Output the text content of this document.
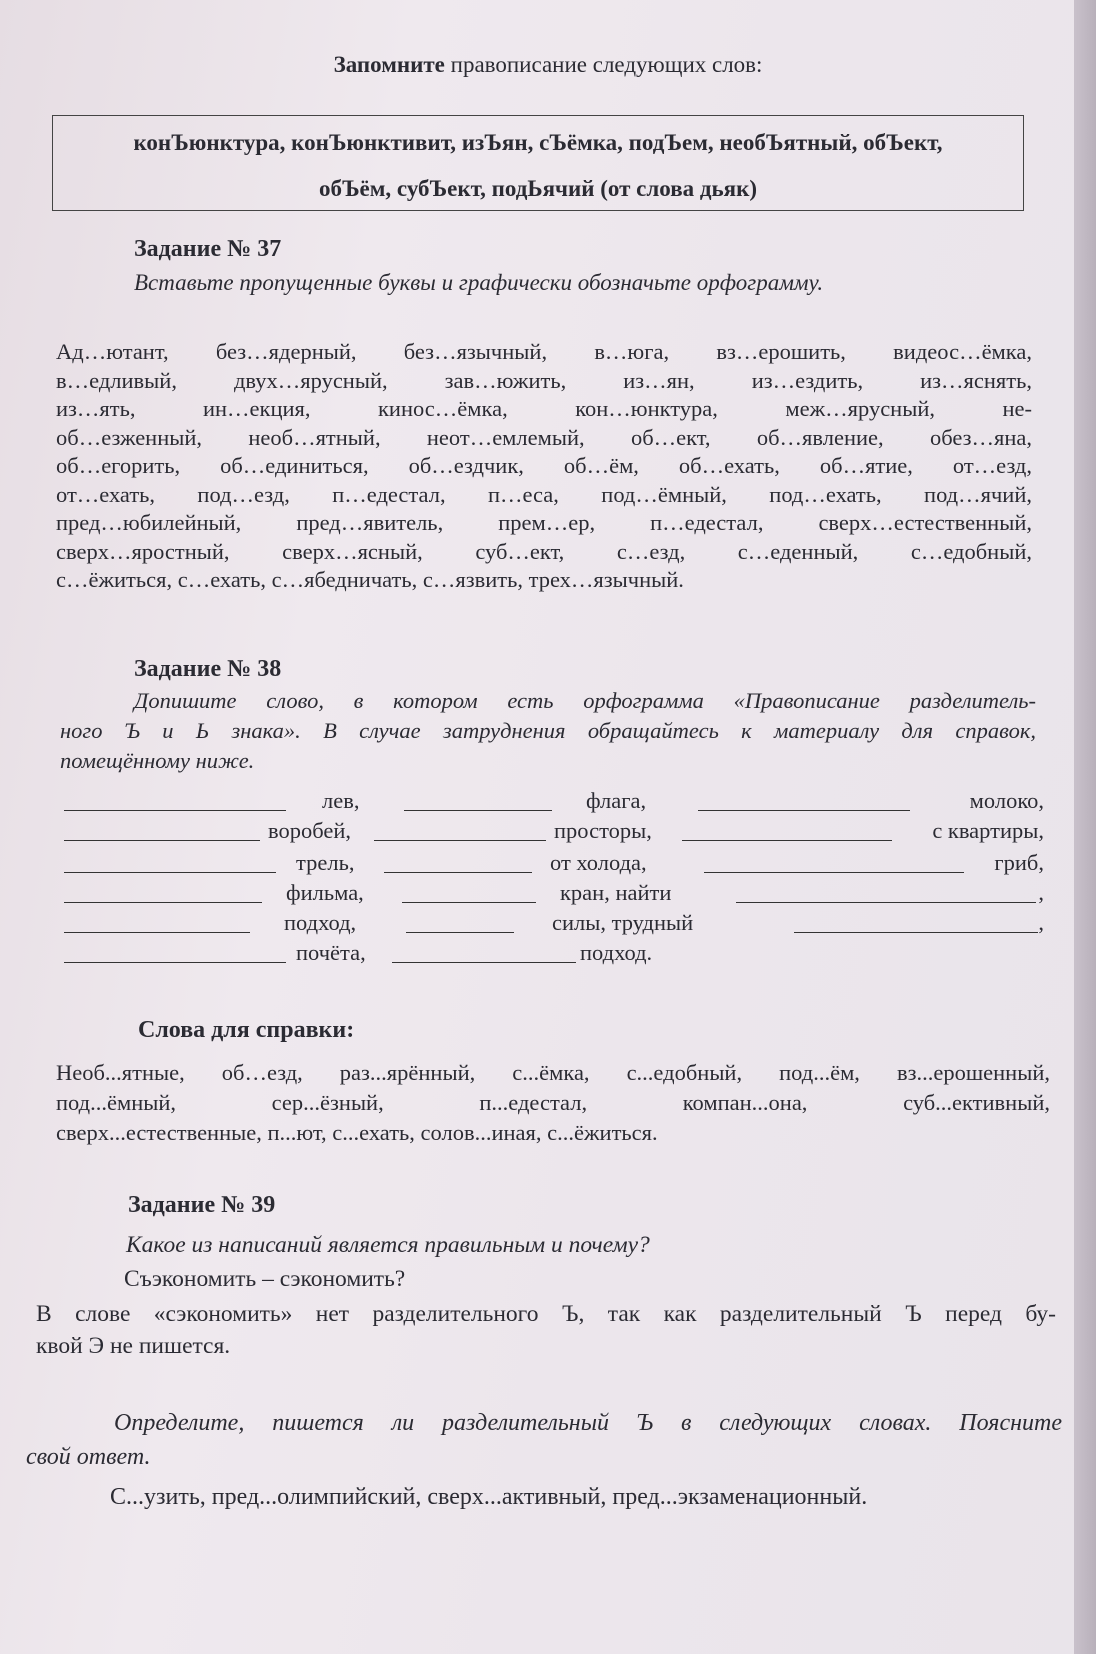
Запомните правописание следующих слов:
конЪюнктура, конЪюнктивит, изЪян, сЪёмка, подЪем, необЪятный, обЪект,
обЪём, субЪект, подЬячий (от слова дьяк)
Задание № 37
Вставьте пропущенные буквы и графически обозначьте орфограмму.
Ад…ютант, без…ядерный, без…язычный, в…юга, вз…ерошить, видеос…ёмка,
в…едливый, двух…ярусный, зав…южить, из…ян, из…ездить, из…яснять,
из…ять, ин…екция, кинос…ёмка, кон…юнктура, меж…ярусный, не-
об…езженный, необ…ятный, неот…емлемый, об…ект, об…явление, обез…яна,
об…егорить, об…единиться, об…ездчик, об…ём, об…ехать, об…ятие, от…езд,
от…ехать, под…езд, п…едестал, п…еса, под…ёмный, под…ехать, под…ячий,
пред…юбилейный, пред…явитель, прем…ер, п…едестал, сверх…естественный,
сверх…яростный, сверх…ясный, суб…ект, с…езд, с…еденный, с…едобный,
с…ёжиться, с…ехать, с…ябедничать, с…язвить, трех…язычный.
Задание № 38
Допишите слово, в котором есть орфограмма «Правописание разделитель-
ного Ъ и Ь знака». В случае затруднения обращайтесь к материалу для справок,
помещённому ниже.
лев,	флага,	молоко,
воробей,	просторы,	с квартиры,
трель,	от холода,	гриб,
фильма,	кран, найти	,
подход,	силы, трудный	,
почёта,	подход.
Слова для справки:
Необ...ятные, об…езд, раз...ярённый, с...ёмка, с...едобный, под...ём, вз...ерошенный,
под...ёмный, сер...ёзный, п...едестал, компан...она, суб...ективный,
сверх...естественные, п...ют, с...ехать, солов...иная, с...ёжиться.
Задание № 39
Какое из написаний является правильным и почему?
Съэкономить – сэкономить?
В слове «сэкономить» нет разделительного Ъ, так как разделительный Ъ перед бу-
квой Э не пишется.
Определите, пишется ли разделительный Ъ в следующих словах. Поясните
свой ответ.
С...узить, пред...олимпийский, сверх...активный, пред...экзаменационный.
